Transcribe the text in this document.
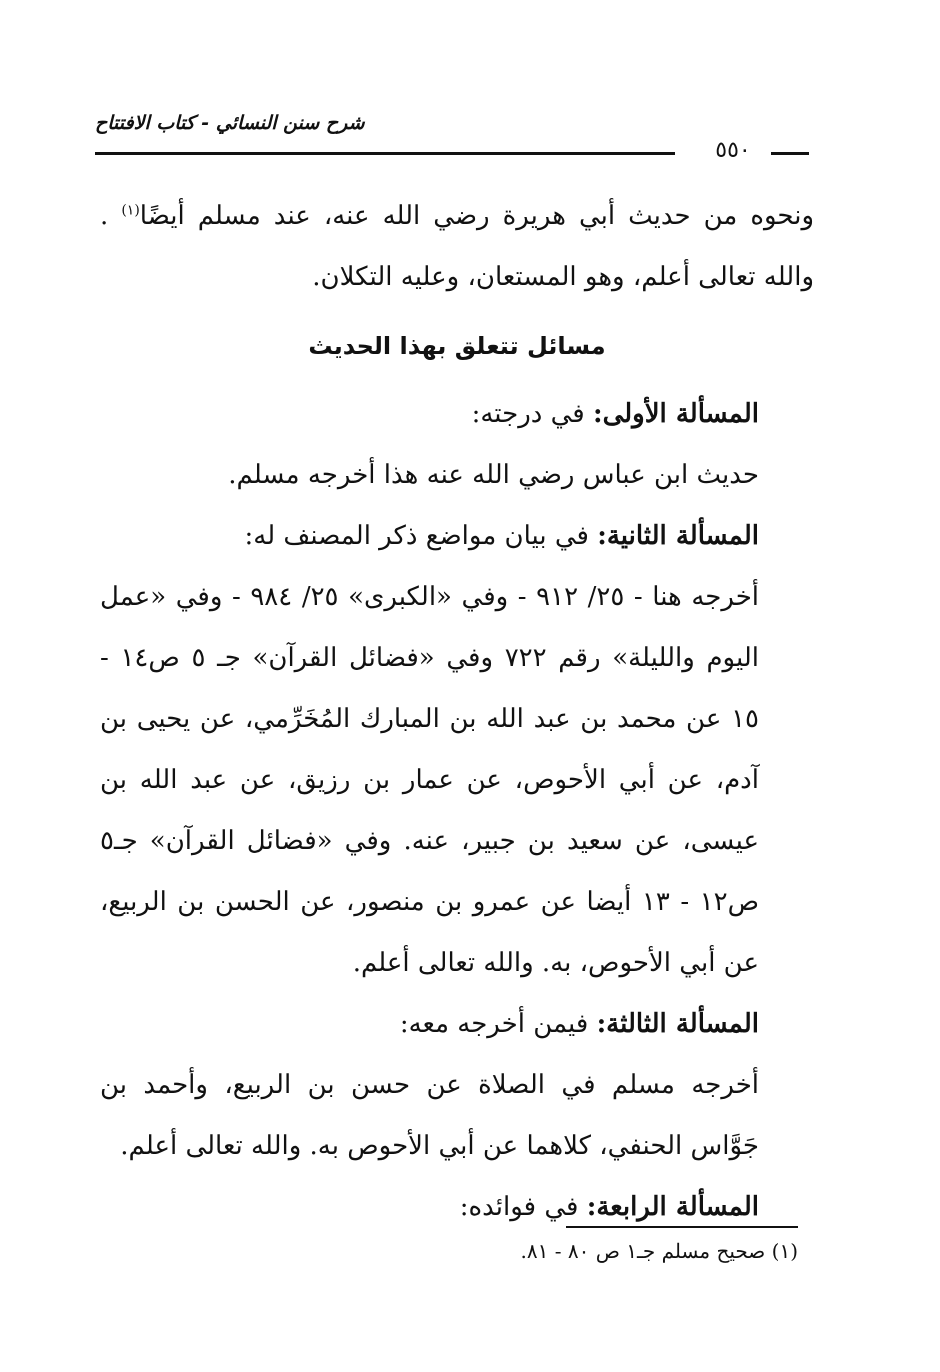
شرح سنن النسائي - كتاب الافتتاح
٥٥٠

ونحوه من حديث أبي هريرة رضي الله عنه، عند مسلم أيضًا$^{(١)}$ . والله تعالى أعلم، وهو المستعان، وعليه التكلان.

مسائل تتعلق بهذا الحديث

المسألة الأولى: في درجته:

حديث ابن عباس رضي الله عنه هذا أخرجه مسلم.

المسألة الثانية: في بيان مواضع ذكر المصنف له:

أخرجه هنا - ٢٥/ ٩١٢ - وفي «الكبرى» ٢٥/ ٩٨٤ - وفي «عمل اليوم والليلة» رقم ٧٢٢ وفي «فضائل القرآن» جـ ٥ ص١٤ - ١٥ عن محمد بن عبد الله بن المبارك المُخَرِّمي، عن يحيى بن آدم، عن أبي الأحوص، عن عمار بن رزيق، عن عبد الله بن عيسى، عن سعيد بن جبير، عنه. وفي «فضائل القرآن» جـ٥ ص١٢ - ١٣ أيضا عن عمرو بن منصور، عن الحسن بن الربيع، عن أبي الأحوص، به. والله تعالى أعلم.

المسألة الثالثة: فيمن أخرجه معه:

أخرجه مسلم في الصلاة عن حسن بن الربيع، وأحمد بن جَوَّاس الحنفي، كلاهما عن أبي الأحوص به. والله تعالى أعلم.

المسألة الرابعة: في فوائده:

(١) صحيح مسلم جـ١ ص ٨٠ - ٨١.
